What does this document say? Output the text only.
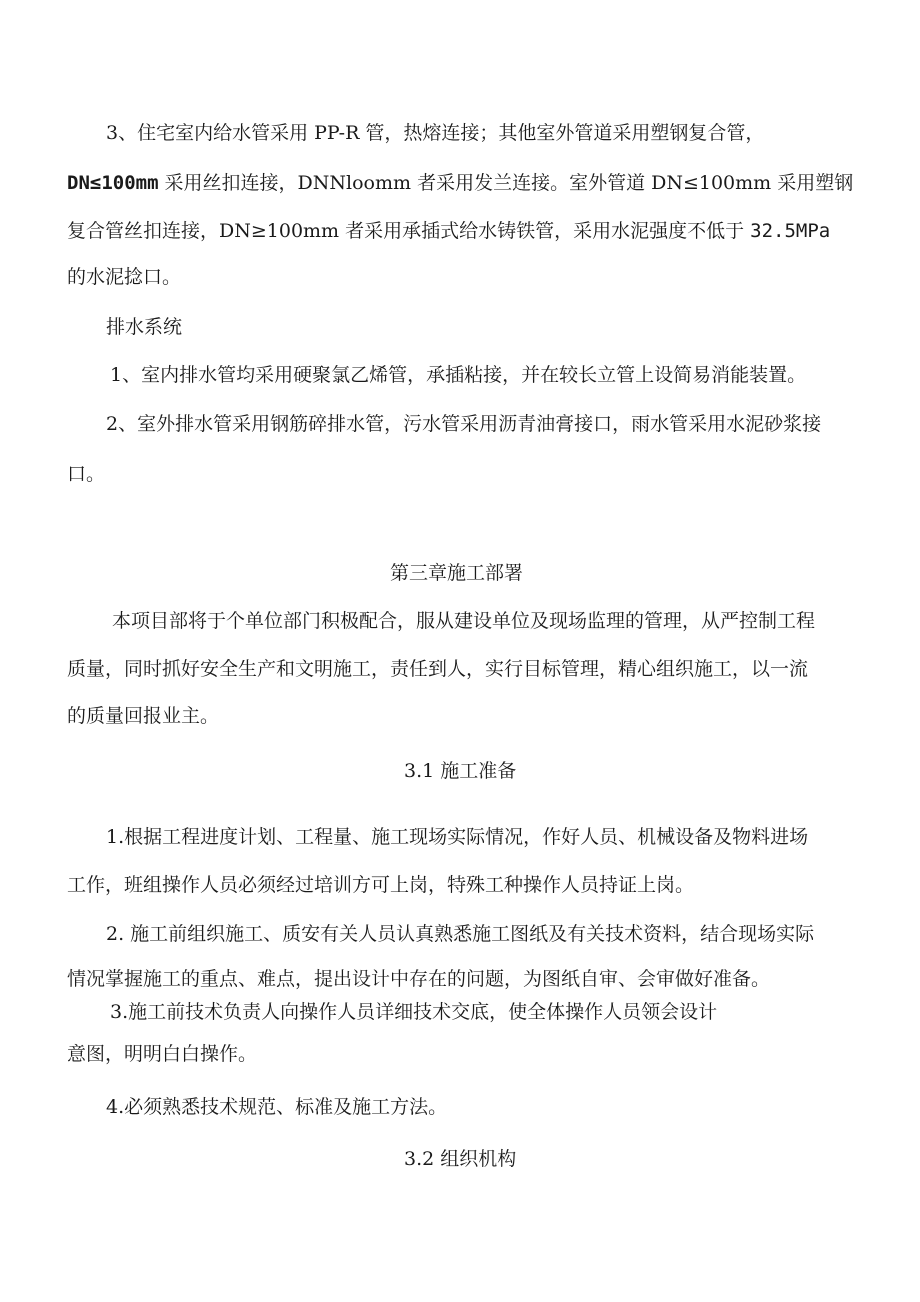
3、住宅室内给水管采用 PP-R 管，热熔连接；其他室外管道采用塑钢复合管，
DN≤100mm 采用丝扣连接，DNNloomm 者采用发兰连接。室外管道 DN≤100mm 采用塑钢
复合管丝扣连接，DN≥100mm 者采用承插式给水铸铁管，采用水泥强度不低于 32.5MPa
的水泥捻口。
排水系统
1、室内排水管均采用硬聚氯乙烯管，承插粘接，并在较长立管上设简易消能装置。
2、室外排水管采用钢筋碎排水管，污水管采用沥青油膏接口，雨水管采用水泥砂浆接
口。
第三章施工部署
本项目部将于个单位部门积极配合，服从建设单位及现场监理的管理，从严控制工程
质量，同时抓好安全生产和文明施工，责任到人，实行目标管理，精心组织施工，以一流
的质量回报业主。
3.1 施工准备
1.根据工程进度计划、工程量、施工现场实际情况，作好人员、机械设备及物料进场
工作，班组操作人员必须经过培训方可上岗，特殊工种操作人员持证上岗。
2. 施工前组织施工、质安有关人员认真熟悉施工图纸及有关技术资料，结合现场实际
情况掌握施工的重点、难点，提出设计中存在的问题，为图纸自审、会审做好准备。
3.施工前技术负责人向操作人员详细技术交底，使全体操作人员领会设计
意图，明明白白操作。
4.必须熟悉技术规范、标准及施工方法。
3.2 组织机构
